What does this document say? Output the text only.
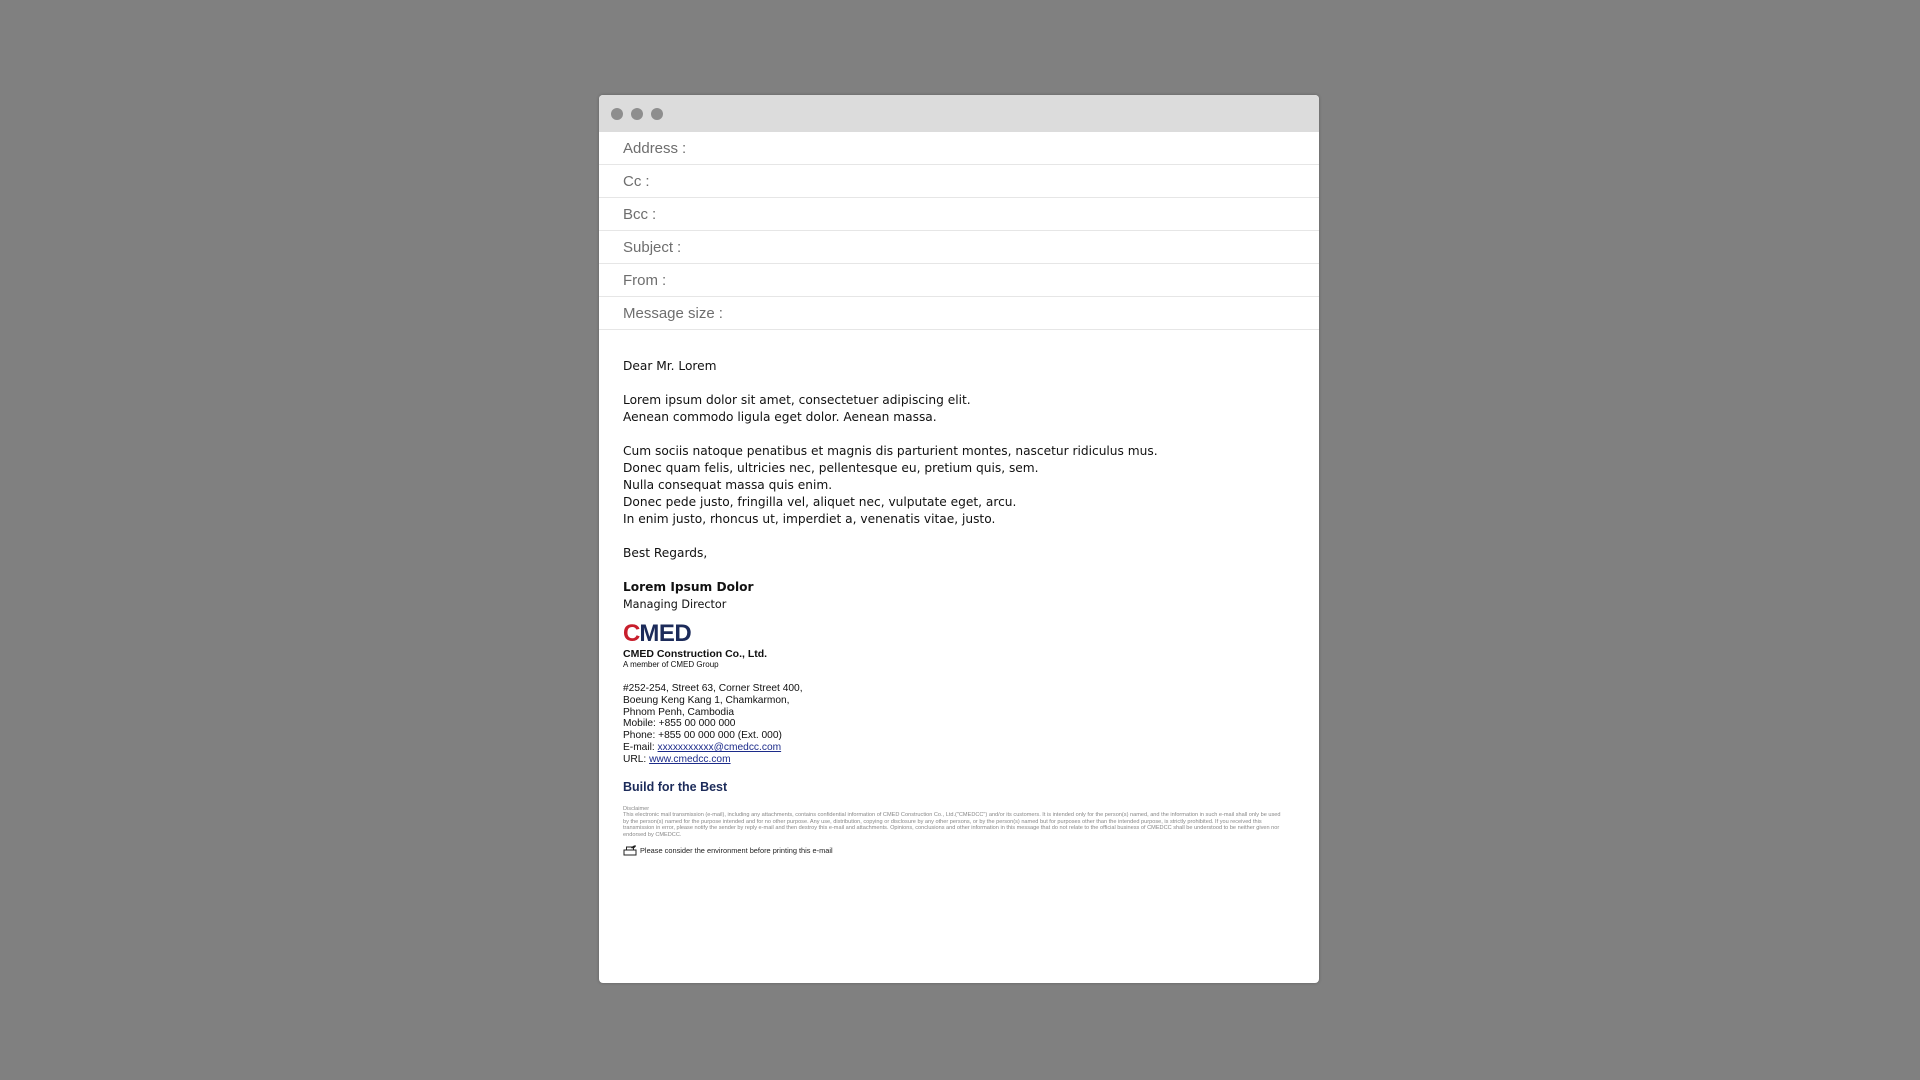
Address :
Cc :
Bcc :
Subject :
From :
Message size :
Dear Mr. Lorem
Lorem ipsum dolor sit amet, consectetuer adipiscing elit.
Aenean commodo ligula eget dolor. Aenean massa.
Cum sociis natoque penatibus et magnis dis parturient montes, nascetur ridiculus mus.
Donec quam felis, ultricies nec, pellentesque eu, pretium quis, sem.
Nulla consequat massa quis enim.
Donec pede justo, fringilla vel, aliquet nec, vulputate eget, arcu.
In enim justo, rhoncus ut, imperdiet a, venenatis vitae, justo.
Best Regards,
Lorem Ipsum Dolor
Managing Director
C MED
CMED Construction Co., Ltd.
A member of CMED Group
#252-254, Street 63, Corner Street 400,
Boeung Keng Kang 1, Chamkarmon,
Phnom Penh, Cambodia
Mobile: +855 00 000 000
Phone: +855 00 000 000 (Ext. 000)
E-mail: xxxxxxxxxxx@cmedcc.com
URL: www.cmedcc.com
Build for the Best
Disclaimer
This electronic mail transmission (e-mail), including any attachments, contains confidential information of CMED Construction Co., Ltd.("CMEDCC") and/or its customers. It is intended only for the person(s) named, and the information in such e-mail shall only be used by the person(s) named for the purpose intended and for no other purpose. Any use, distribution, copying or disclosure by any other persons, or by the person(s) named but for purposes other than the intended purpose, is strictly prohibited. If you received this transmission in error, please notify the sender by reply e-mail and then destroy this e-mail and attachments. Opinions, conclusions and other information in this message that do not relate to the official business of CMEDCC shall be understood to be neither given nor endorsed by CMEDCC.
Please consider the environment before printing this e-mail
